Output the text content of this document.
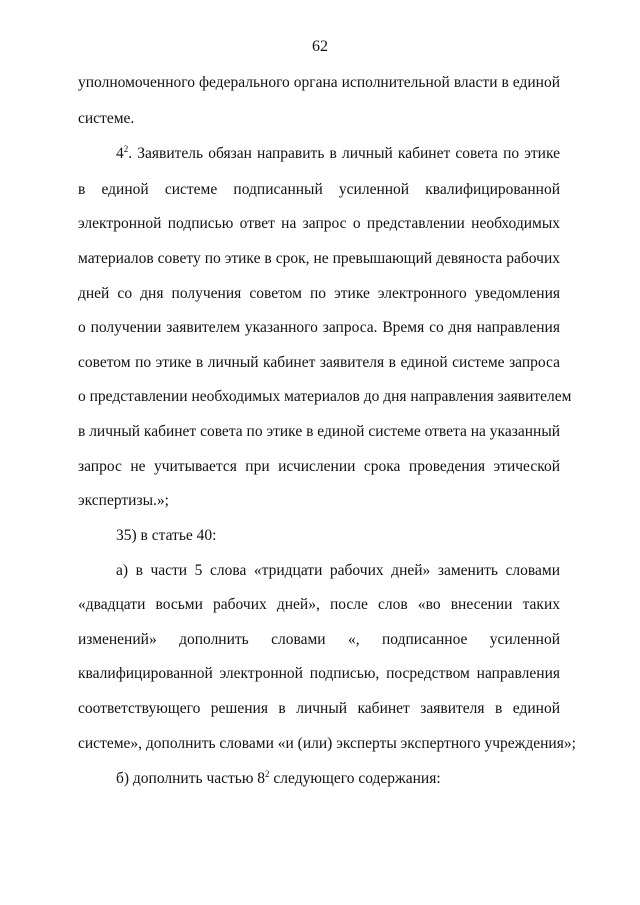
62
уполномоченного федерального органа исполнительной власти в единой
системе.
$4^2$. Заявитель обязан направить в личный кабинет совета по этике
в единой системе подписанный усиленной квалифицированной
электронной подписью ответ на запрос о представлении необходимых
материалов совету по этике в срок, не превышающий девяноста рабочих
дней со дня получения советом по этике электронного уведомления
о получении заявителем указанного запроса. Время со дня направления
советом по этике в личный кабинет заявителя в единой системе запроса
о представлении необходимых материалов до дня направления заявителем
в личный кабинет совета по этике в единой системе ответа на указанный
запрос не учитывается при исчислении срока проведения этической
экспертизы.»;
35) в статье 40:
а) в части 5 слова «тридцати рабочих дней» заменить словами
«двадцати восьми рабочих дней», после слов «во внесении таких
изменений» дополнить словами «, подписанное усиленной
квалифицированной электронной подписью, посредством направления
соответствующего решения в личный кабинет заявителя в единой
системе», дополнить словами «и (или) эксперты экспертного учреждения»;
б) дополнить частью $8^2$ следующего содержания:
